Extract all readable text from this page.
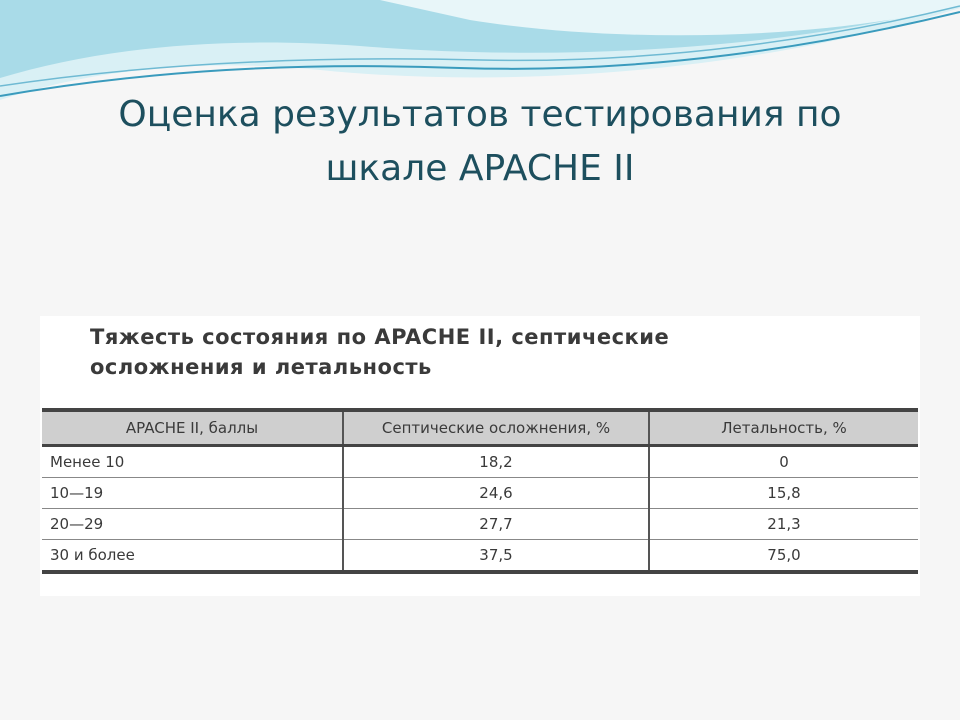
Оценка результатов тестирования по
шкале APACHE II

Тяжесть состояния по APACHE II, септические
осложнения и летальность

APACHE II, баллы	Септические осложнения, %	Летальность, %
Менее 10	18,2	0
10—19	24,6	15,8
20—29	27,7	21,3
30 и более	37,5	75,0
